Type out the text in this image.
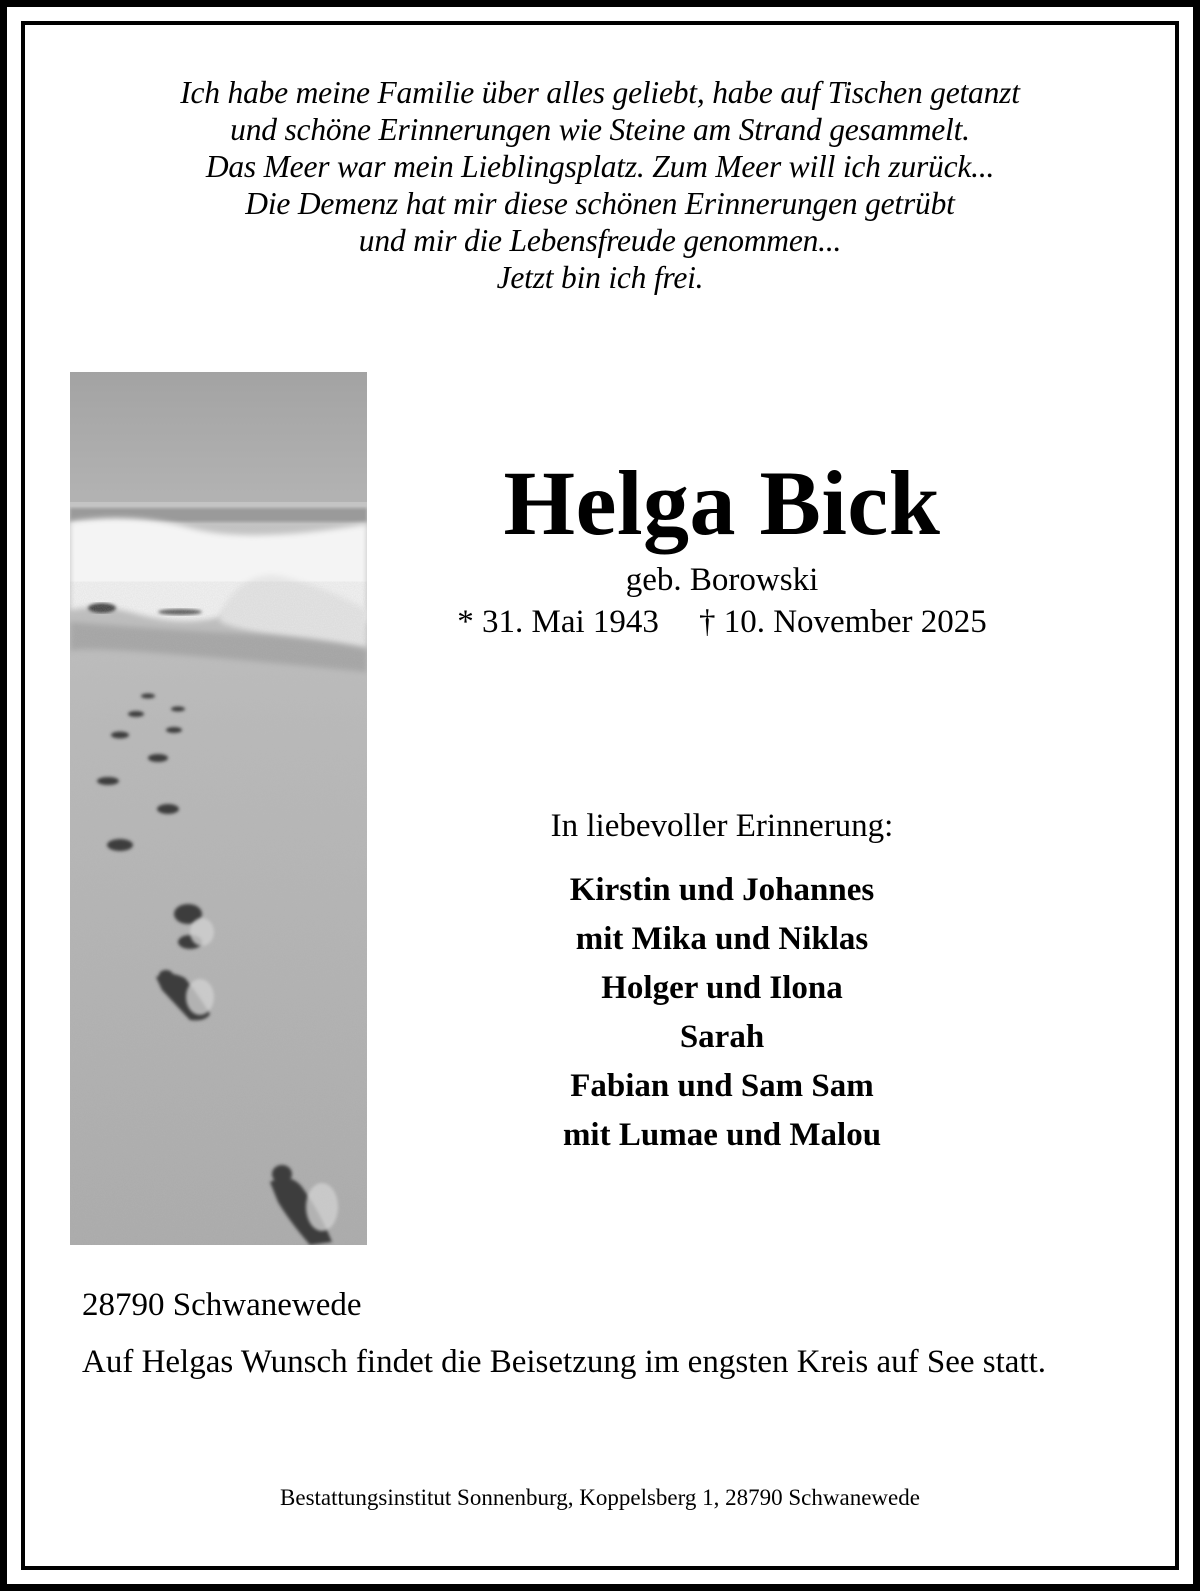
Ich habe meine Familie über alles geliebt, habe auf Tischen getanzt
und schöne Erinnerungen wie Steine am Strand gesammelt.
Das Meer war mein Lieblingsplatz. Zum Meer will ich zurück...
Die Demenz hat mir diese schönen Erinnerungen getrübt
und mir die Lebensfreude genommen...
Jetzt bin ich frei.
Helga Bick
geb. Borowski
* 31. Mai 1943 † 10. November 2025
In liebevoller Erinnerung:
Kirstin und Johannes
mit Mika und Niklas
Holger und Ilona
Sarah
Fabian und Sam Sam
mit Lumae und Malou
28790 Schwanewede
Auf Helgas Wunsch findet die Beisetzung im engsten Kreis auf See statt.
Bestattungsinstitut Sonnenburg, Koppelsberg 1, 28790 Schwanewede
